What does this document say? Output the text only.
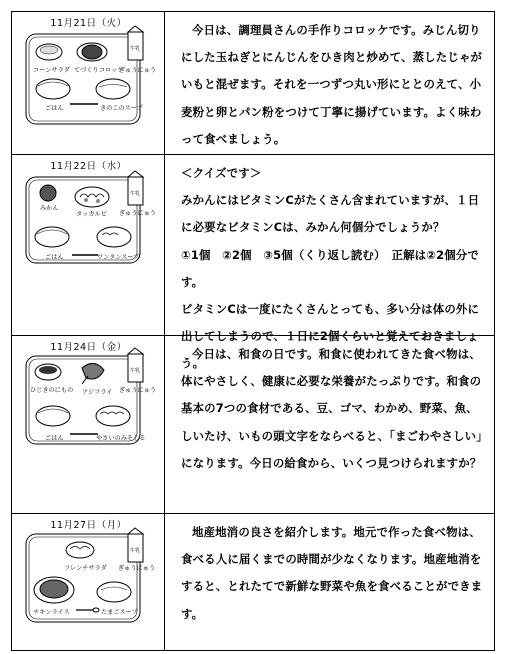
11月21日（火）
牛乳
コーンサラダ てづくりコロッケ
ぎゅうにゅう
ごはん	きのこのスープ

今日は、調理員さんの手作りコロッケです。みじん切りにした玉ねぎとにんじんをひき肉と炒めて、蒸したじゃがいもと混ぜます。それを一つずつ丸い形にととのえて、小麦粉と卵とパン粉をつけて丁寧に揚げています。よく味わって食べましょう。

11月22日（水）
牛乳
みかん
タッカルビ ぎゅうにゅう
ごはん	ワンタンスープ

＜クイズです＞

みかんにはビタミンCがたくさん含まれていますが、１日に必要なビタミンCは、みかん何個分でしょうか？

①1個　②2個　③5個（くり返し読む）　正解は②2個分です。

ビタミンCは一度にたくさんとっても、多い分は体の外に出してしまうので、１日に2個くらいと覚えておきましょう。

11月24日（金）
牛乳
ひじきのにもの アジフライ ぎゅうにゅう
ごはん	やさいのみそしる

今日は、和食の日です。和食に使われてきた食べ物は、体にやさしく、健康に必要な栄養がたっぷりです。和食の基本の7つの食材である、豆、ゴマ、わかめ、野菜、魚、しいたけ、いもの頭文字をならべると、「まごわやさしい」になります。今日の給食から、いくつ見つけられますか？

11月27日（月）
牛乳
フレンチサラダ ぎゅうにゅう
チキンライス	たまごスープ

地産地消の良さを紹介します。地元で作った食べ物は、食べる人に届くまでの時間が少なくなります。地産地消をすると、とれたてで新鮮な野菜や魚を食べることができます。
